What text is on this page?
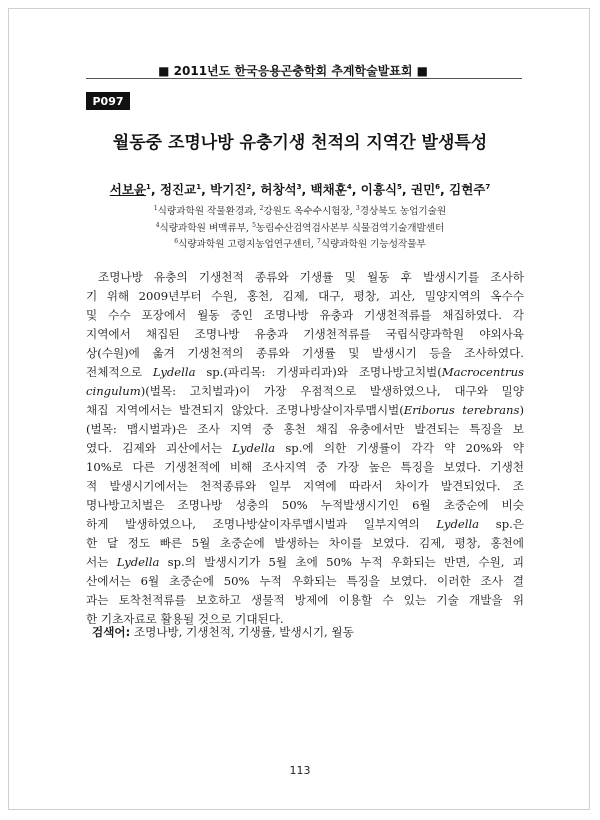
■ 2011년도 한국응용곤충학회 추계학술발표회 ■
P097
월동중 조명나방 유충기생 천적의 지역간 발생특성
서보윤$^1$, 정진교$^1$, 박기진$^2$, 허창석$^3$, 백채훈$^4$, 이흥식$^5$, 권민$^6$, 김현주$^7$
$^1$식량과학원 작물환경과, $^2$강원도 옥수수시험장, $^3$경상북도 농업기술원
$^4$식량과학원 벼맥류부, $^5$농림수산검역검사본부 식물검역기술개발센터
$^6$식량과학원 고령지농업연구센터, $^7$식량과학원 기능성작물부
조명나방 유충의 기생천적 종류와 기생률 및 월동 후 발생시기를 조사하
기 위해 2009년부터 수원, 홍천, 김제, 대구, 평창, 괴산, 밀양지역의 옥수수
및 수수 포장에서 월동 중인 조명나방 유충과 기생천적류를 채집하였다. 각
지역에서 채집된 조명나방 유충과 기생천적류를 국립식량과학원 야외사육
상(수원)에 옮겨 기생천적의 종류와 기생률 및 발생시기 등을 조사하였다.
전체적으로 Lydella sp.(파리목: 기생파리과)와 조명나방고치벌(Macrocentrus
cingulum)(벌목: 고치벌과)이 가장 우점적으로 발생하였으나, 대구와 밀양
채집 지역에서는 발견되지 않았다. 조명나방살이자루맵시벌(Eriborus terebrans)
(벌목: 맵시벌과)은 조사 지역 중 홍천 채집 유충에서만 발견되는 특징을 보
였다. 김제와 괴산에서는 Lydella sp.에 의한 기생률이 각각 약 20%와 약
10%로 다른 기생천적에 비해 조사지역 중 가장 높은 특징을 보였다. 기생천
적 발생시기에서는 천적종류와 일부 지역에 따라서 차이가 발견되었다. 조
명나방고치벌은 조명나방 성충의 50% 누적발생시기인 6월 초중순에 비슷
하게 발생하였으나, 조명나방살이자루맵시벌과 일부지역의 Lydella sp.은
한 달 정도 빠른 5월 초중순에 발생하는 차이를 보였다. 김제, 평창, 홍천에
서는 Lydella sp.의 발생시기가 5월 초에 50% 누적 우화되는 반면, 수원, 괴
산에서는 6월 초중순에 50% 누적 우화되는 특징을 보였다. 이러한 조사 결
과는 토착천적류를 보호하고 생물적 방제에 이용할 수 있는 기술 개발을 위
한 기초자료로 활용될 것으로 기대된다.
검색어: 조명나방, 기생천적, 기생률, 발생시기, 월동
113
